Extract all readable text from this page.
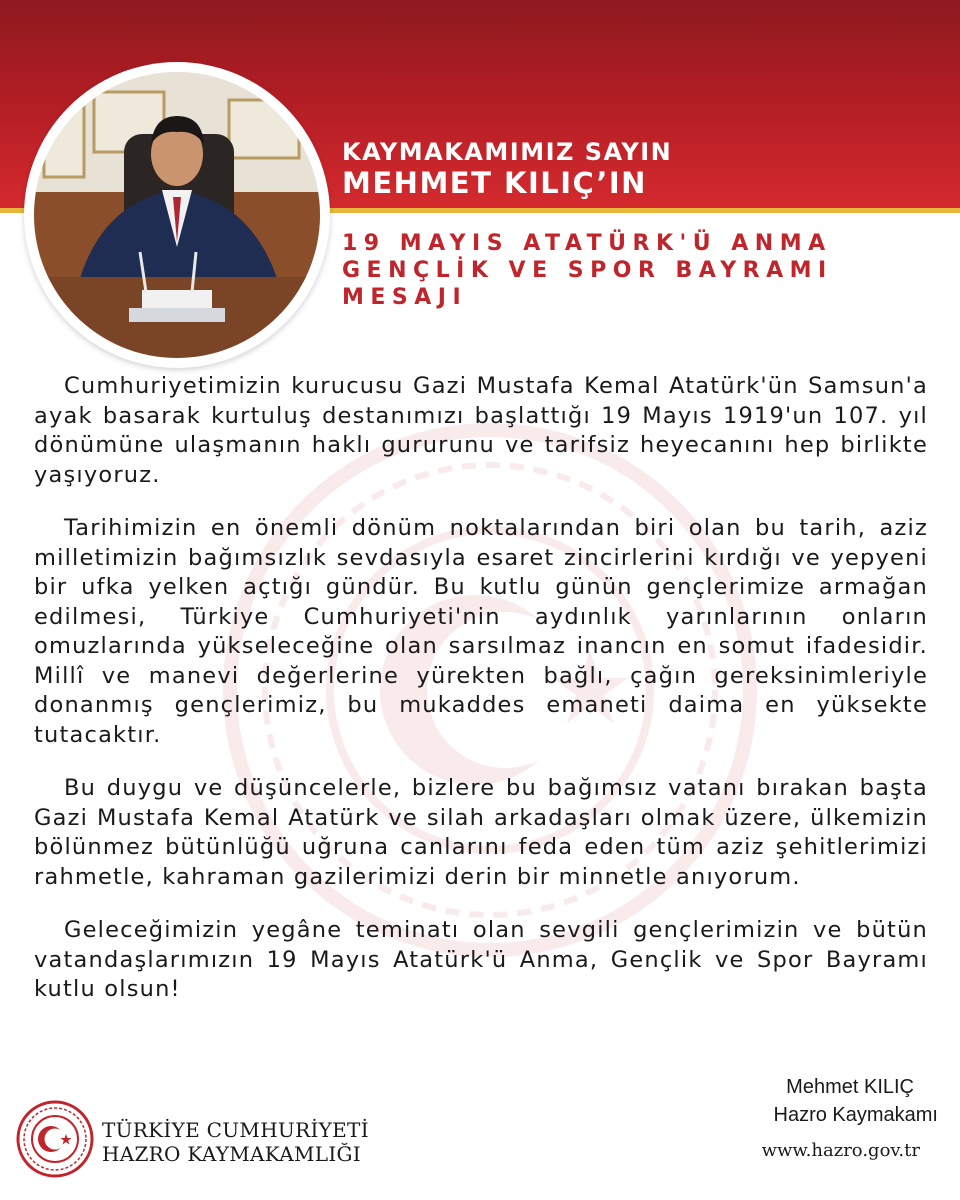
KAYMAKAMIMIZ SAYIN
MEHMET KILIÇ’IN
19 MAYIS ATATÜRK'Ü ANMA
GENÇLİK VE SPOR BAYRAMI
MESAJI

Cumhuriyetimizin kurucusu Gazi Mustafa Kemal Atatürk'ün Samsun'a ayak basarak kurtuluş destanımızı başlattığı 19 Mayıs 1919'un 107. yıl dönümüne ulaşmanın haklı gururunu ve tarifsiz heyecanını hep birlikte yaşıyoruz.

Tarihimizin en önemli dönüm noktalarından biri olan bu tarih, aziz milletimizin bağımsızlık sevdasıyla esaret zincirlerini kırdığı ve yepyeni bir ufka yelken açtığı gündür. Bu kutlu günün gençlerimize armağan edilmesi, Türkiye Cumhuriyeti'nin aydınlık yarınlarının onların omuzlarında yükseleceğine olan sarsılmaz inancın en somut ifadesidir. Millî ve manevi değerlerine yürekten bağlı, çağın gereksinimleriyle donanmış gençlerimiz, bu mukaddes emaneti daima en yüksekte tutacaktır.

Bu duygu ve düşüncelerle, bizlere bu bağımsız vatanı bırakan başta Gazi Mustafa Kemal Atatürk ve silah arkadaşları olmak üzere, ülkemizin bölünmez bütünlüğü uğruna canlarını feda eden tüm aziz şehitlerimizi rahmetle, kahraman gazilerimizi derin bir minnetle anıyorum.

Geleceğimizin yegâne teminatı olan sevgili gençlerimizin ve bütün vatandaşlarımızın 19 Mayıs Atatürk'ü Anma, Gençlik ve Spor Bayramı kutlu olsun!

TÜRKİYE CUMHURİYETİ
HAZRO KAYMAKAMLIĞI
Mehmet KILIÇ
Hazro Kaymakamı
www.hazro.gov.tr
